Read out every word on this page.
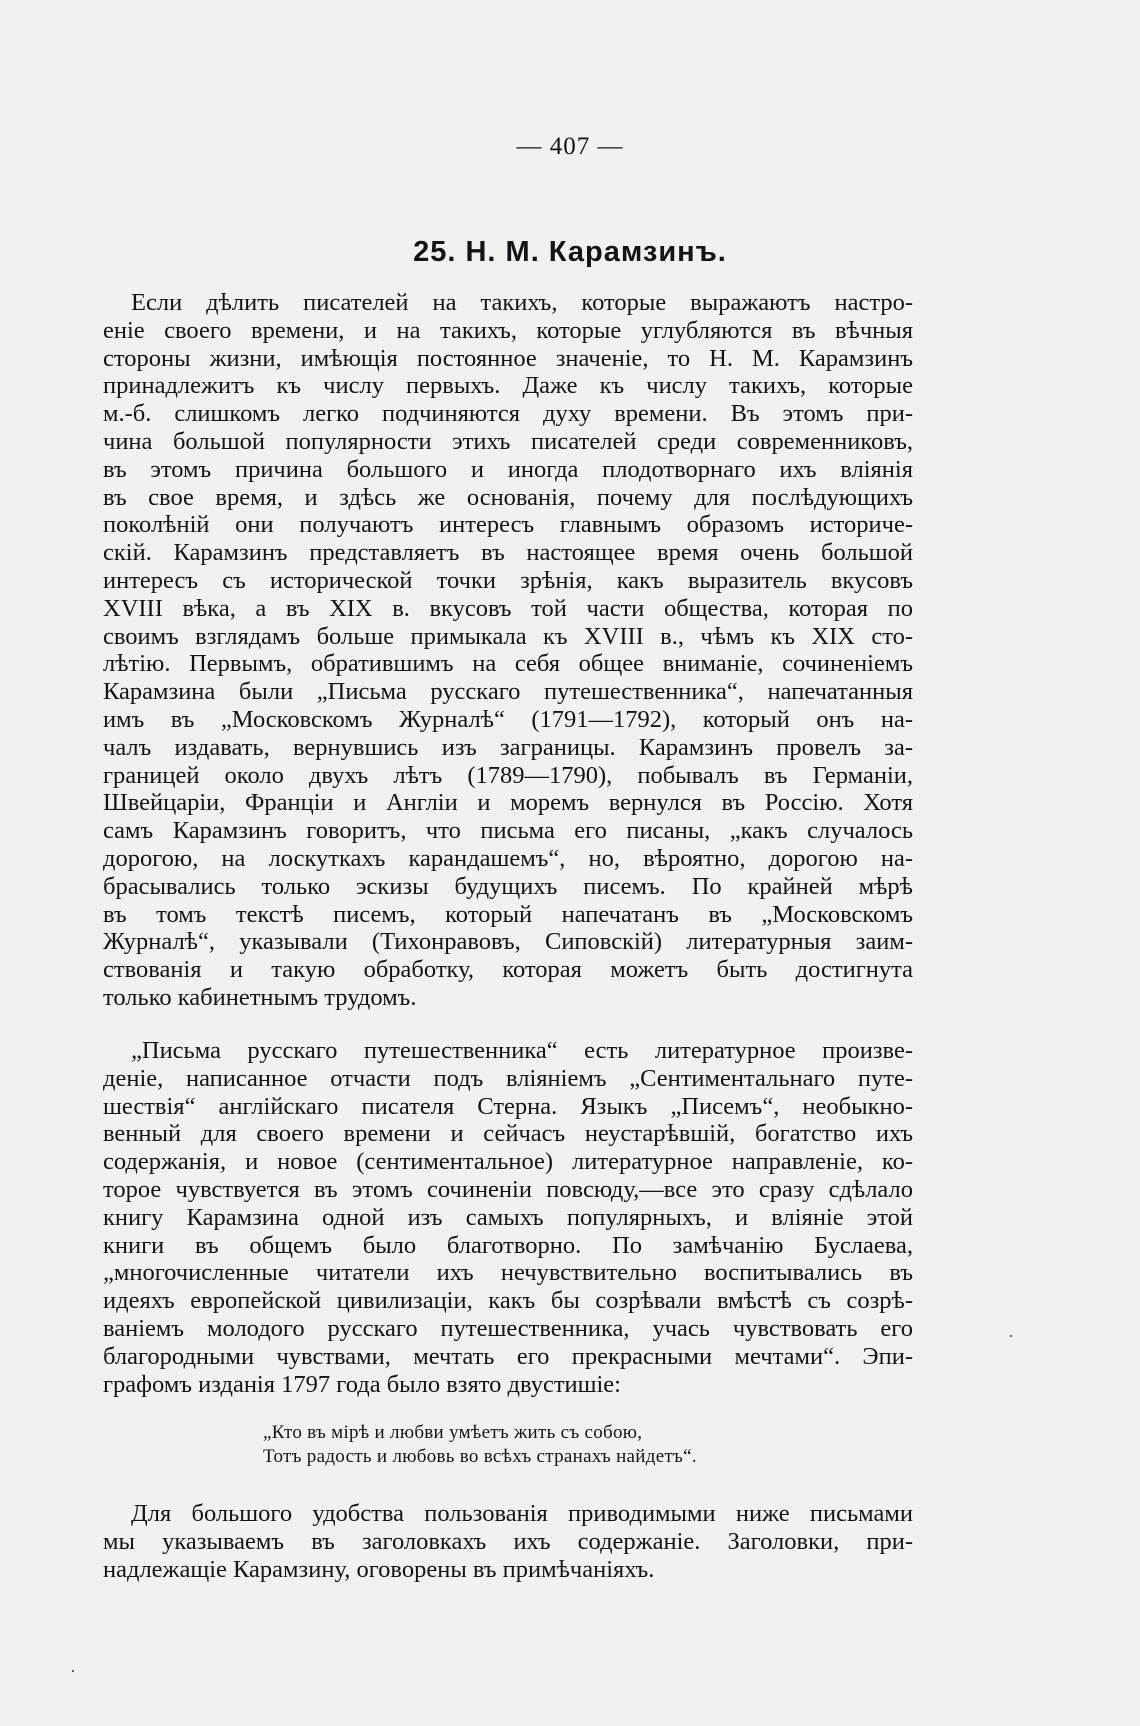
— 407 —
25. Н. М. Карамзинъ.
Если дѣлить писателей на такихъ, которые выражаютъ настро-
еніе своего времени, и на такихъ, которые углубляются въ вѣчныя
стороны жизни, имѣющія постоянное значеніе, то Н. М. Карамзинъ
принадлежитъ къ числу первыхъ. Даже къ числу такихъ, которые
м.-б. слишкомъ легко подчиняются духу времени. Въ этомъ при-
чина большой популярности этихъ писателей среди современниковъ,
въ этомъ причина большого и иногда плодотворнаго ихъ вліянія
въ свое время, и здѣсь же основанія, почему для послѣдующихъ
поколѣній они получаютъ интересъ главнымъ образомъ историче-
скій. Карамзинъ представляетъ въ настоящее время очень большой
интересъ съ исторической точки зрѣнія, какъ выразитель вкусовъ
XVIII вѣка, а въ XIX в. вкусовъ той части общества, которая по
своимъ взглядамъ больше примыкала къ XVIII в., чѣмъ къ XIX сто-
лѣтію. Первымъ, обратившимъ на себя общее вниманіе, сочиненіемъ
Карамзина были „Письма русскаго путешественника“, напечатанныя
имъ въ „Московскомъ Журналѣ“ (1791—1792), который онъ на-
чалъ издавать, вернувшись изъ заграницы. Карамзинъ провелъ за-
границей около двухъ лѣтъ (1789—1790), побывалъ въ Германіи,
Швейцаріи, Франціи и Англіи и моремъ вернулся въ Россію. Хотя
самъ Карамзинъ говоритъ, что письма его писаны, „какъ случалось
дорогою, на лоскуткахъ карандашемъ“, но, вѣроятно, дорогою на-
брасывались только эскизы будущихъ писемъ. По крайней мѣрѣ
въ томъ текстѣ писемъ, который напечатанъ въ „Московскомъ
Журналѣ“, указывали (Тихонравовъ, Сиповскій) литературныя заим-
ствованія и такую обработку, которая можетъ быть достигнута
только кабинетнымъ трудомъ.
„Письма русскаго путешественника“ есть литературное произве-
деніе, написанное отчасти подъ вліяніемъ „Сентиментальнаго путе-
шествія“ англійскаго писателя Стерна. Языкъ „Писемъ“, необыкно-
венный для своего времени и сейчасъ неустарѣвшій, богатство ихъ
содержанія, и новое (сентиментальное) литературное направленіе, ко-
торое чувствуется въ этомъ сочиненіи повсюду,—все это сразу сдѣлало
книгу Карамзина одной изъ самыхъ популярныхъ, и вліяніе этой
книги въ общемъ было благотворно. По замѣчанію Буслаева,
„многочисленные читатели ихъ нечувствительно воспитывались въ
идеяхъ европейской цивилизаціи, какъ бы созрѣвали вмѣстѣ съ созрѣ-
ваніемъ молодого русскаго путешественника, учась чувствовать его
благородными чувствами, мечтать его прекрасными мечтами“. Эпи-
графомъ изданія 1797 года было взято двустишіе:
„Кто въ мірѣ и любви умѣетъ жить съ собою,
Тотъ радость и любовь во всѣхъ странахъ найдетъ“.
Для большого удобства пользованія приводимыми ниже письмами
мы указываемъ въ заголовкахъ ихъ содержаніе. Заголовки, при-
надлежащіе Карамзину, оговорены въ примѣчаніяхъ.
